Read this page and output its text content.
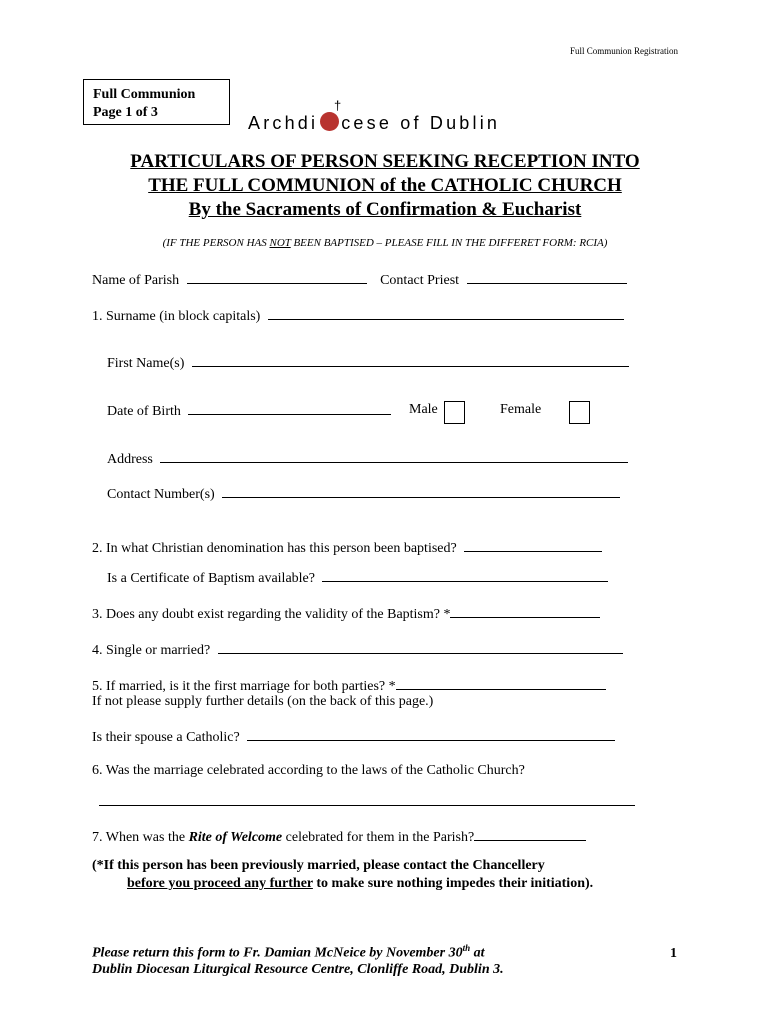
Full Communion Registration
Full Communion
Page 1 of 3	†
Archdi cese of Dublin
PARTICULARS OF PERSON SEEKING RECEPTION INTO
THE FULL COMMUNION of the CATHOLIC CHURCH
By the Sacraments of Confirmation & Eucharist
(IF THE PERSON HAS NOT BEEN BAPTISED – PLEASE FILL IN THE DIFFERET FORM: RCIA)
Name of Parish	Contact Priest
1. Surname (in block capitals)
First Name(s)
Date of Birth	Male	Female
Address
Contact Number(s)
2. In what Christian denomination has this person been baptised?
Is a Certificate of Baptism available?
3. Does any doubt exist regarding the validity of the Baptism? *
4. Single or married?
5. If married, is it the first marriage for both parties? *
If not please supply further details (on the back of this page.)
Is their spouse a Catholic?
6. Was the marriage celebrated according to the laws of the Catholic Church?
7. When was the Rite of Welcome celebrated for them in the Parish?
(*If this person has been previously married, please contact the Chancellery
before you proceed any further to make sure nothing impedes their initiation).
Please return this form to Fr. Damian McNeice by November 30th at
Dublin Diocesan Liturgical Resource Centre, Clonliffe Road, Dublin 3.
1
